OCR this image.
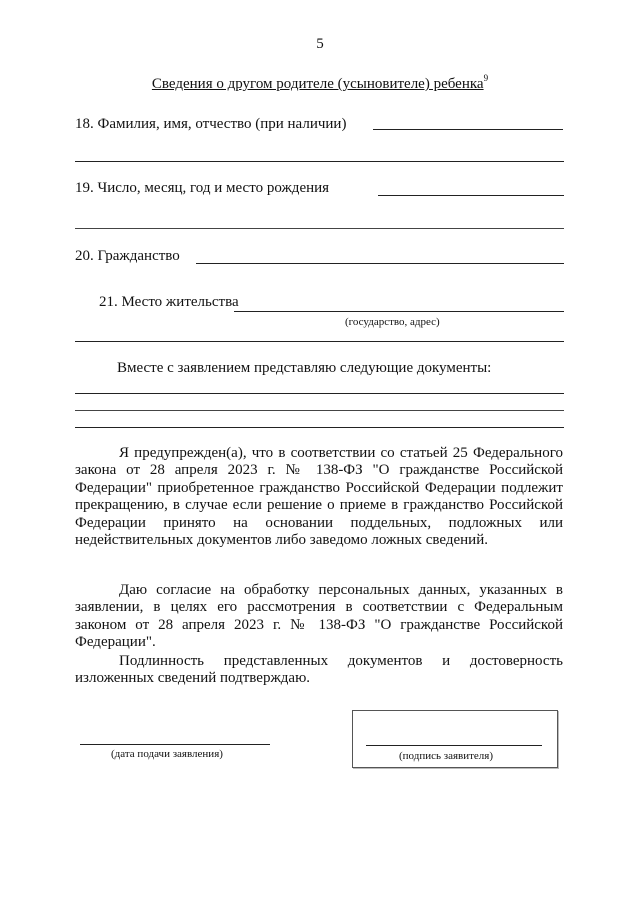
5
Сведения о другом родителе (усыновителе) ребенка$^9$
18. Фамилия, имя, отчество (при наличии)
19. Число, месяц, год и место рождения
20. Гражданство
21. Место жительства
(государство, адрес)
Вместе с заявлением представляю следующие документы:
Я предупрежден(а), что в соответствии со статьей 25 Федерального закона от 28 апреля 2023 г. № 138-ФЗ "О гражданстве Российской Федерации" приобретенное гражданство Российской Федерации подлежит прекращению, в случае если решение о приеме в гражданство Российской Федерации принято на основании поддельных, подложных или недействительных документов либо заведомо ложных сведений.
Даю согласие на обработку персональных данных, указанных в заявлении, в целях его рассмотрения в соответствии с Федеральным законом от 28 апреля 2023 г. № 138-ФЗ "О гражданстве Российской Федерации".
Подлинность представленных документов и достоверность изложенных сведений подтверждаю.
(дата подачи заявления)	(подпись заявителя)
